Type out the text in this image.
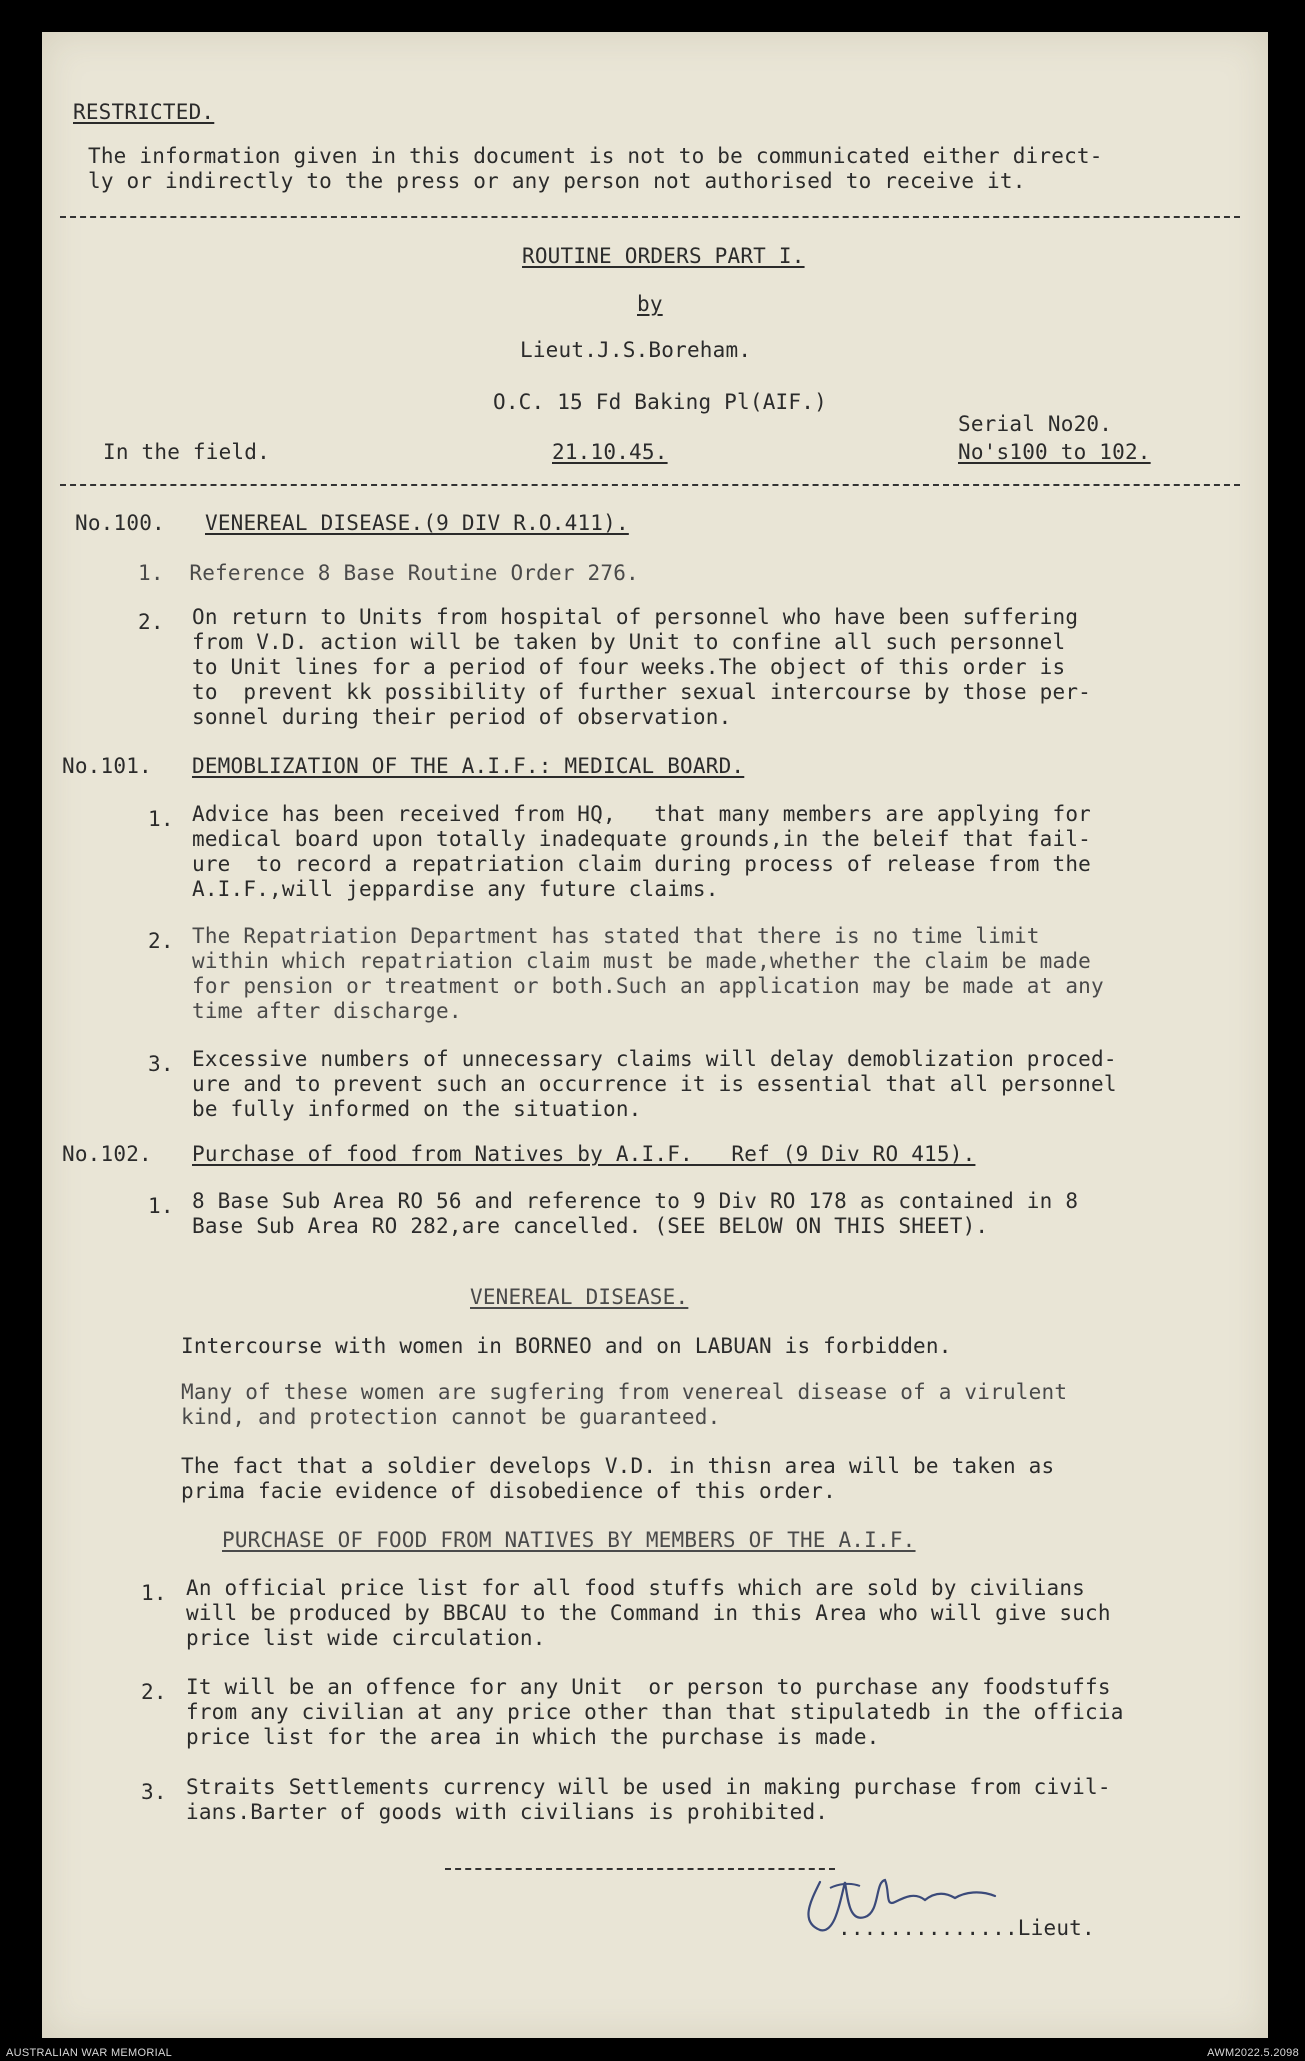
RESTRICTED.
The information given in this document is not to be communicated either direct-
ly or indirectly to the press or any person not authorised to receive it.
ROUTINE ORDERS PART I.
by
Lieut.J.S.Boreham.
O.C. 15 Fd Baking Pl(AIF.)
Serial No20.
In the field.	21.10.45.	No's100 to 102.
No.100. VENEREAL DISEASE.(9 DIV R.O.411).
1.  Reference 8 Base Routine Order 276.
2. On return to Units from hospital of personnel who have been suffering
from V.D. action will be taken by Unit to confine all such personnel
to Unit lines for a period of four weeks.The object of this order is
to  prevent kk possibility of further sexual intercourse by those per-
sonnel during their period of observation.
No.101. DEMOBLIZATION OF THE A.I.F.: MEDICAL BOARD.
1. Advice has been received from HQ,   that many members are applying for
medical board upon totally inadequate grounds,in the beleif that fail-
ure  to record a repatriation claim during process of release from the
A.I.F.,will jeppardise any future claims.
2. The Repatriation Department has stated that there is no time limit
within which repatriation claim must be made,whether the claim be made
for pension or treatment or both.Such an application may be made at any
time after discharge.
3. Excessive numbers of unnecessary claims will delay demoblization proced-
ure and to prevent such an occurrence it is essential that all personnel
be fully informed on the situation.
No.102. Purchase of food from Natives by A.I.F.   Ref (9 Div RO 415).
1. 8 Base Sub Area RO 56 and reference to 9 Div RO 178 as contained in 8
Base Sub Area RO 282,are cancelled. (SEE BELOW ON THIS SHEET).
VENEREAL DISEASE.
Intercourse with women in BORNEO and on LABUAN is forbidden.
Many of these women are sugfering from venereal disease of a virulent
kind, and protection cannot be guaranteed.
The fact that a soldier develops V.D. in thisn area will be taken as
prima facie evidence of disobedience of this order.
PURCHASE OF FOOD FROM NATIVES BY MEMBERS OF THE A.I.F.
1. An official price list for all food stuffs which are sold by civilians
will be produced by BBCAU to the Command in this Area who will give such
price list wide circulation.
2. It will be an offence for any Unit  or person to purchase any foodstuffs
from any civilian at any price other than that stipulatedb in the officia
price list for the area in which the purchase is made.
3. Straits Settlements currency will be used in making purchase from civil-
ians.Barter of goods with civilians is prohibited.
..............Lieut.
AUSTRALIAN WAR MEMORIAL	AWM2022.5.2098
